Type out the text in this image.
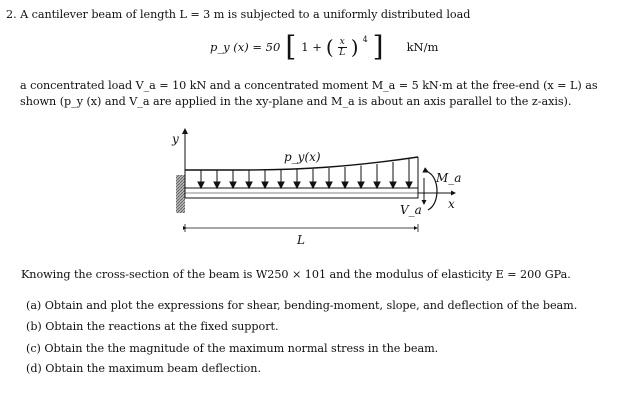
2. A cantilever beam of length L = 3 m is subjected to a uniformly distributed load
p_y (x) = 50 [ 1 + ( $\frac{x}{L}$ ) 4 ] kN/m
a concentrated load V_a = 10 kN and a concentrated moment M_a = 5 kN·m at the free-end (x = L) as
shown (p_y (x) and V_a are applied in the xy-plane and M_a is about an axis parallel to the z-axis).
y
p_y(x)
V_a
M_a
x
L
Knowing the cross-section of the beam is W250 × 101 and the modulus of elasticity E = 200 GPa.
(a) Obtain and plot the expressions for shear, bending-moment, slope, and deflection of the beam.
(b) Obtain the reactions at the fixed support.
(c) Obtain the the magnitude of the maximum normal stress in the beam.
(d) Obtain the maximum beam deflection.
